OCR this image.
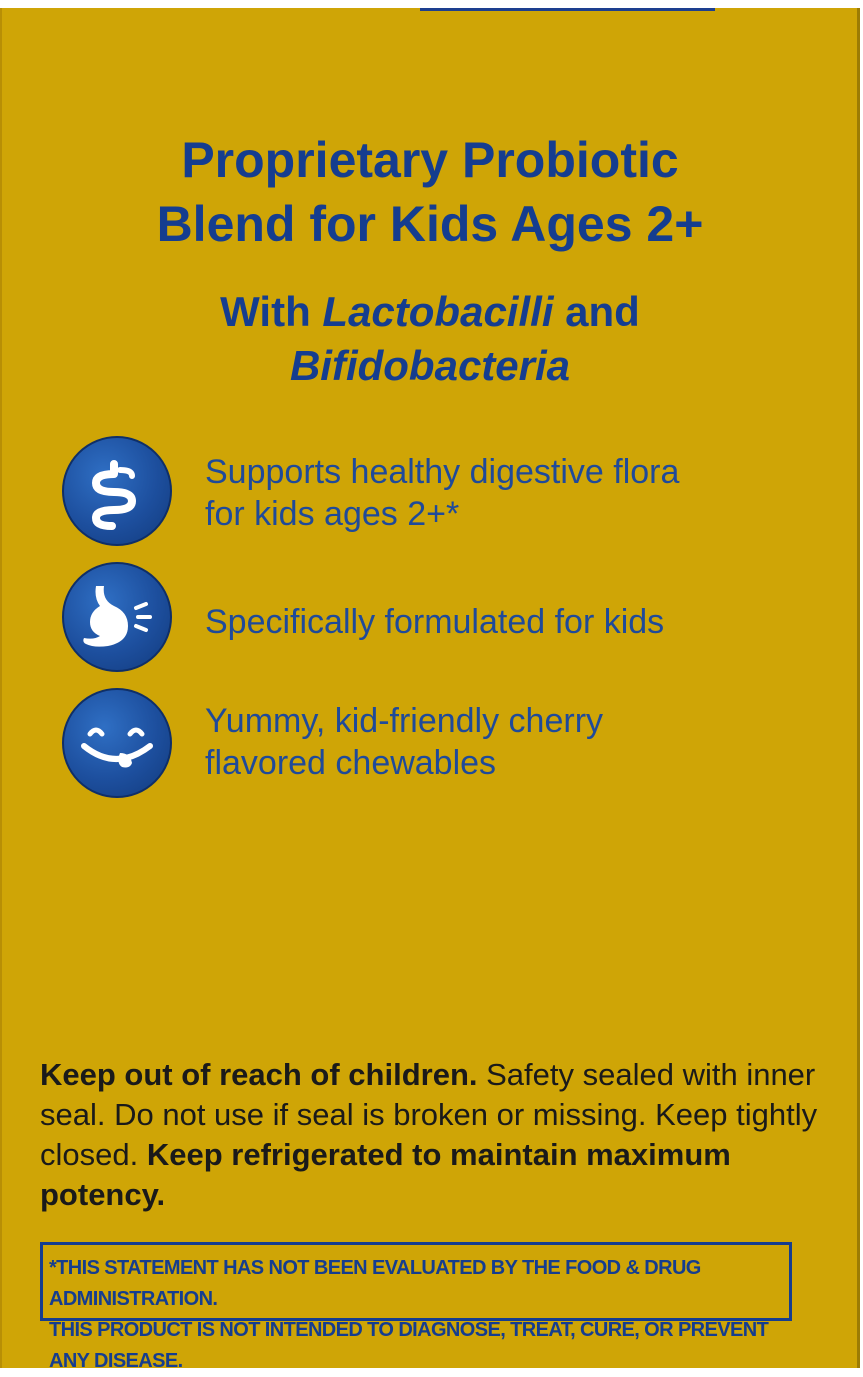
Proprietary Probiotic
Blend for Kids Ages 2+
With Lactobacilli and
Bifidobacteria
Supports healthy digestive flora
for kids ages 2+*
Specifically formulated for kids
Yummy, kid-friendly cherry
flavored chewables
Keep out of reach of children. Safety sealed with inner seal. Do not use if seal is broken or missing. Keep tightly closed. Keep refrigerated to maintain maximum potency.
*THIS STATEMENT HAS NOT BEEN EVALUATED BY THE FOOD & DRUG ADMINISTRATION.
THIS PRODUCT IS NOT INTENDED TO DIAGNOSE, TREAT, CURE, OR PREVENT ANY DISEASE.
